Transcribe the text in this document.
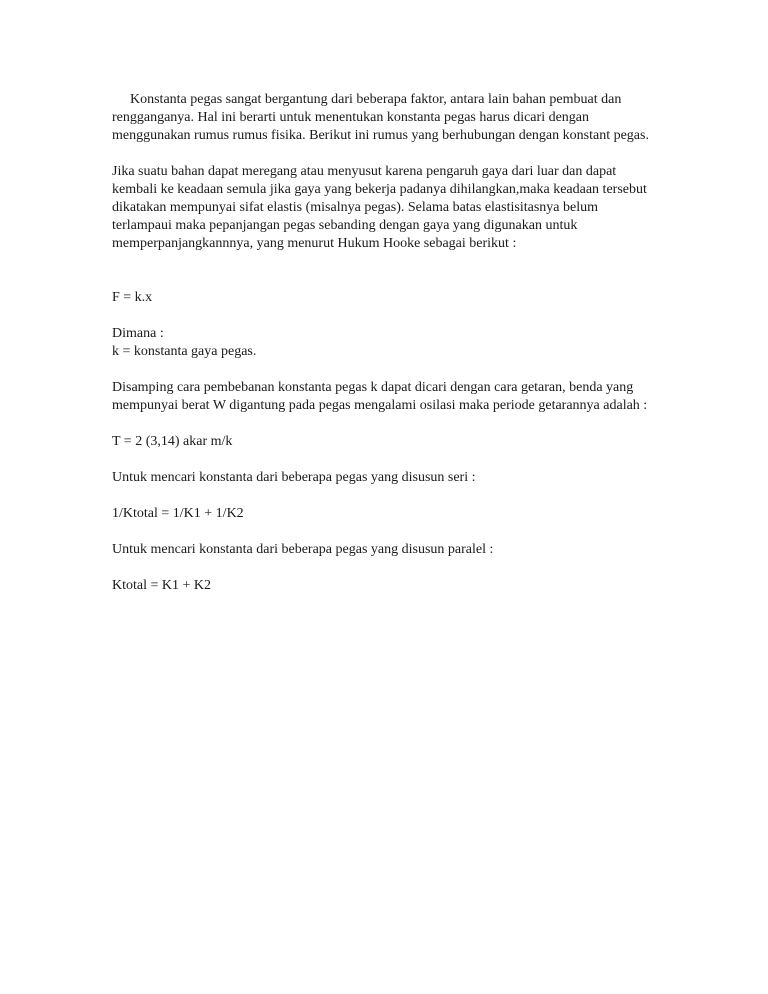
Konstanta pegas sangat bergantung dari beberapa faktor, antara lain bahan pembuat dan rengganganya. Hal ini berarti untuk menentukan konstanta pegas harus dicari dengan menggunakan rumus rumus fisika. Berikut ini rumus yang berhubungan dengan konstant pegas.

Jika suatu bahan dapat meregang atau menyusut karena pengaruh gaya dari luar dan dapat kembali ke keadaan semula jika gaya yang bekerja padanya dihilangkan,maka keadaan tersebut dikatakan mempunyai sifat elastis (misalnya pegas). Selama batas elastisitasnya belum terlampaui maka pepanjangan pegas sebanding dengan gaya yang digunakan untuk memperpanjangkannnya, yang menurut Hukum Hooke sebagai berikut :

F = k.x

Dimana :

k = konstanta gaya pegas.

Disamping cara pembebanan konstanta pegas k dapat dicari dengan cara getaran, benda yang mempunyai berat W digantung pada pegas mengalami osilasi maka periode getarannya adalah :

T = 2 (3,14) akar m/k

Untuk mencari konstanta dari beberapa pegas yang disusun seri :

1/Ktotal = 1/K1 + 1/K2

Untuk mencari konstanta dari beberapa pegas yang disusun paralel :

Ktotal = K1 + K2
